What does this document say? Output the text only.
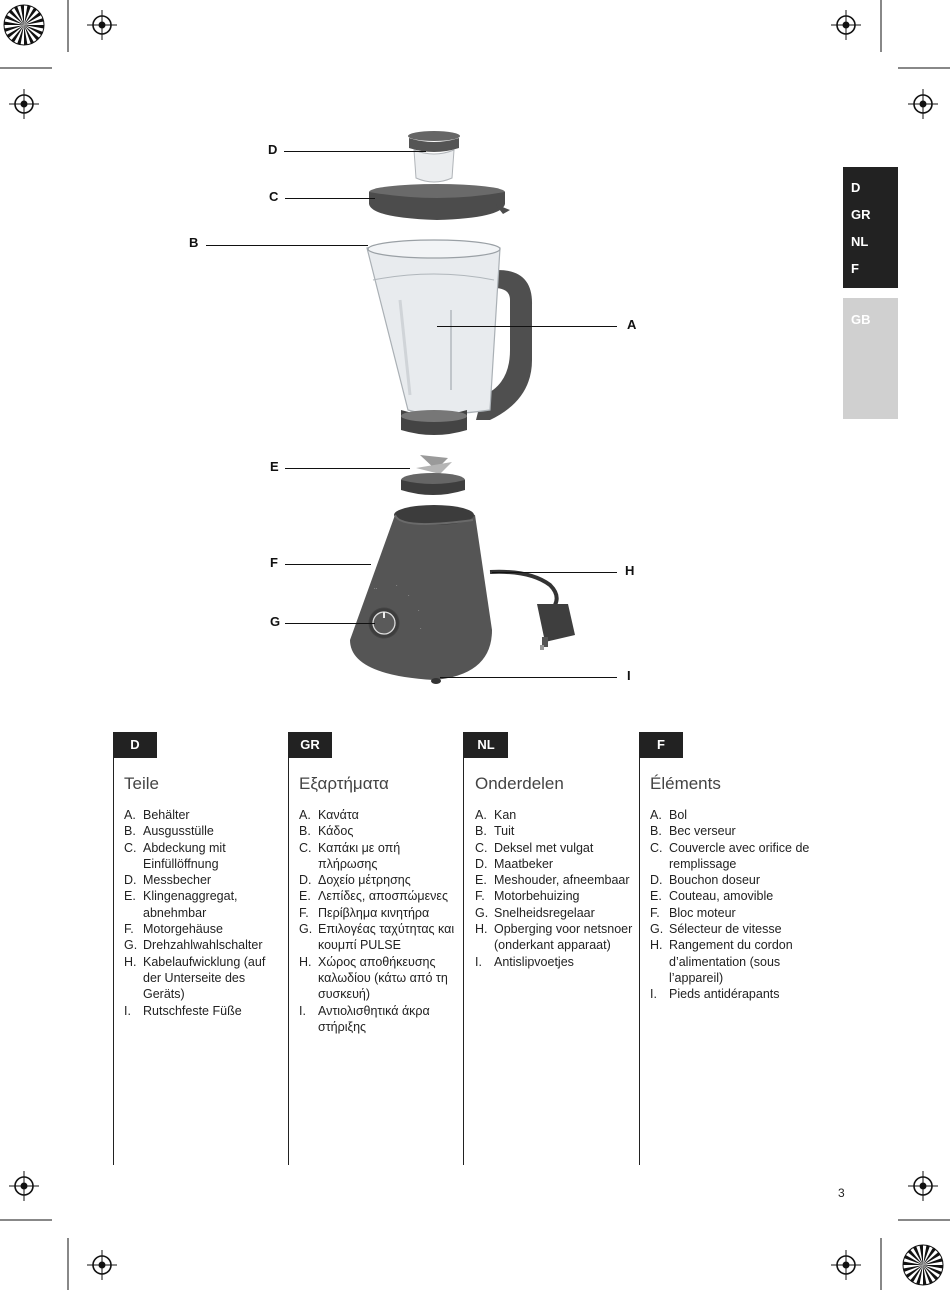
D
GR
NL
F
GB
··	·
·
·
·
D
C
B
A
E
F
G
H
I
D
Teile
A. Behälter
B. Ausgusstülle
C. Abdeckung mit Einfüllöffnung
D. Messbecher
E. Klingenaggregat, abnehmbar
F. Motorgehäuse
G. Drehzahlwahlschalter
H. Kabelaufwicklung (auf der Unterseite des Geräts)
I. Rutschfeste Füße
GR
Εξαρτήματα
A. Κανάτα
B. Κάδος
C. Καπάκι με οπή πλήρωσης
D. Δοχείο μέτρησης
E. Λεπίδες, αποσπώμενες
F. Περίβλημα κινητήρα
G. Επιλογέας ταχύτητας και κουμπί PULSE
H. Χώρος αποθήκευσης καλωδίου (κάτω από τη συσκευή)
I. Αντιολισθητικά άκρα στήριξης
NL
Onderdelen
A. Kan
B. Tuit
C. Deksel met vulgat
D. Maatbeker
E. Meshouder, afneembaar
F. Motorbehuizing
G. Snelheidsregelaar
H. Opberging voor netsnoer (onderkant apparaat)
I. Antislipvoetjes
F
Éléments
A. Bol
B. Bec verseur
C. Couvercle avec orifice de remplissage
D. Bouchon doseur
E. Couteau, amovible
F. Bloc moteur
G. Sélecteur de vitesse
H. Rangement du cordon d’alimentation (sous l’appareil)
I. Pieds antidérapants
3
